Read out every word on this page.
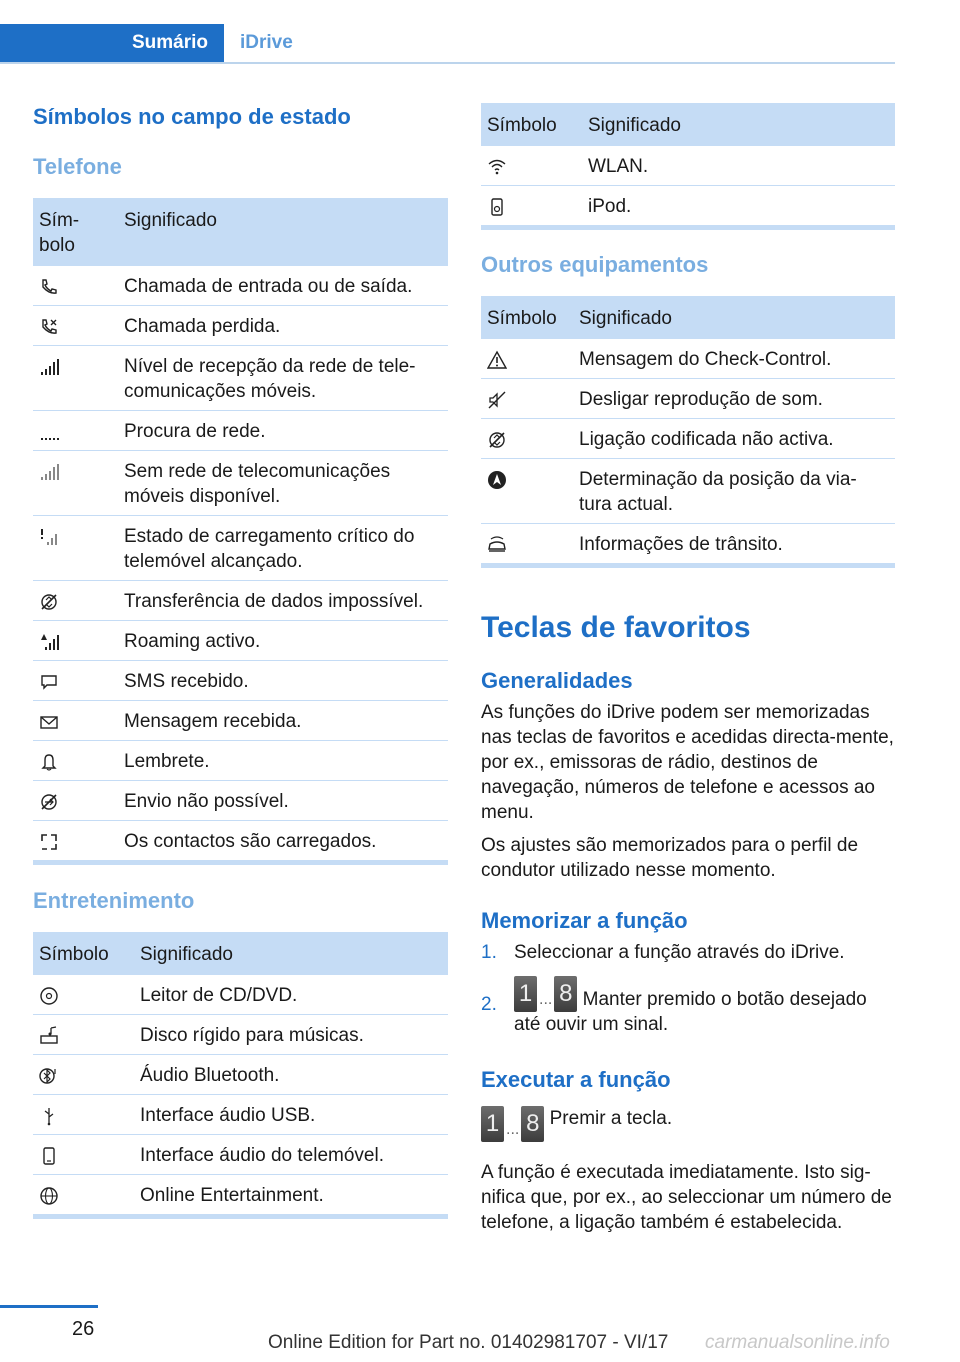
Sumário	iDrive
Símbolos no campo de estado
Telefone
Sím-
bolo	Significado

	Chamada de entrada ou de saída.

	Chamada perdida.

	Nível de recepção da rede de tele-
comunicações móveis.

	Procura de rede.

	Sem rede de telecomunicações
móveis disponível.

	Estado de carregamento crítico do
telemóvel alcançado.

	Transferência de dados impossível.

	Roaming activo.

	SMS recebido.

	Mensagem recebida.

	Lembrete.

	Envio não possível.

	Os contactos são carregados.
Entretenimento
Símbolo	Significado

	Leitor de CD/DVD.

	Disco rígido para músicas.

	Áudio Bluetooth.

	Interface áudio USB.

	Interface áudio do telemóvel.

	Online Entertainment.
Símbolo	Significado

	WLAN.

	iPod.
Outros equipamentos
Símbolo	Significado

	Mensagem do Check-Control.

	Desligar reprodução de som.

	Ligação codificada não activa.

	Determinação da posição da via-
tura actual.

	Informações de trânsito.
Teclas de favoritos
Generalidades

As funções do iDrive podem ser memorizadas nas teclas de favoritos e acedidas directa-mente, por ex., emissoras de rádio, destinos de navegação, números de telefone e acessos ao menu.

Os ajustes são memorizados para o perfil de condutor utilizado nesse momento.

Memorizar a função
1. Seleccionar a função através do iDrive.
2. 1 ... 8 Manter premido o botão desejado até ouvir um sinal.
Executar a função
1 ... 8 Premir a tecla.

A função é executada imediatamente. Isto sig-nifica que, por ex., ao seleccionar um número de telefone, a ligação também é estabelecida.

26
Online Edition for Part no. 01402981707 - VI/17 carmanualsonline.info
